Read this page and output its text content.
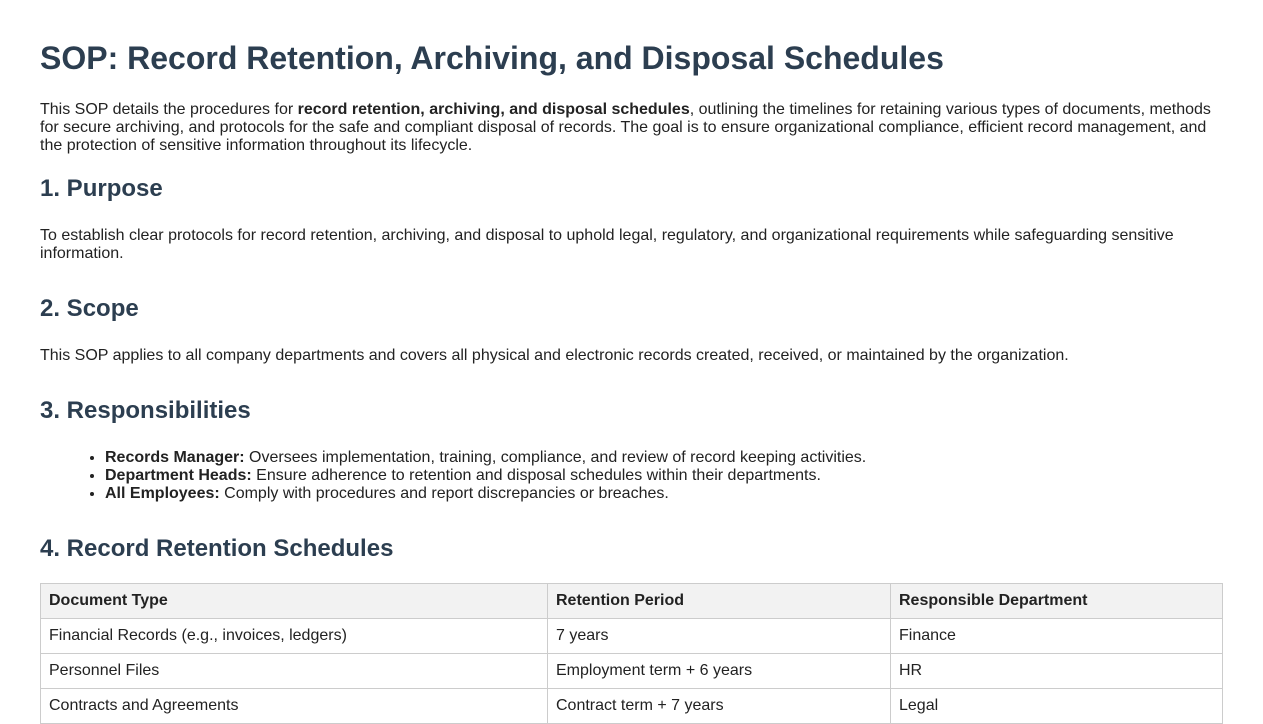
SOP: Record Retention, Archiving, and Disposal Schedules

This SOP details the procedures for record retention, archiving, and disposal schedules, outlining the timelines for retaining various types of documents, methods for secure archiving, and protocols for the safe and compliant disposal of records. The goal is to ensure organizational compliance, efficient record management, and the protection of sensitive information throughout its lifecycle.

1. Purpose

To establish clear protocols for record retention, archiving, and disposal to uphold legal, regulatory, and organizational requirements while safeguarding sensitive information.

2. Scope

This SOP applies to all company departments and covers all physical and electronic records created, received, or maintained by the organization.

3. Responsibilities
• Records Manager: Oversees implementation, training, compliance, and review of record keeping activities.
• Department Heads: Ensure adherence to retention and disposal schedules within their departments.
• All Employees: Comply with procedures and report discrepancies or breaches.
4. Record Retention Schedules
Document Type	Retention Period	Responsible Department
Financial Records (e.g., invoices, ledgers)	7 years	Finance
Personnel Files	Employment term + 6 years	HR
Contracts and Agreements	Contract term + 7 years	Legal
